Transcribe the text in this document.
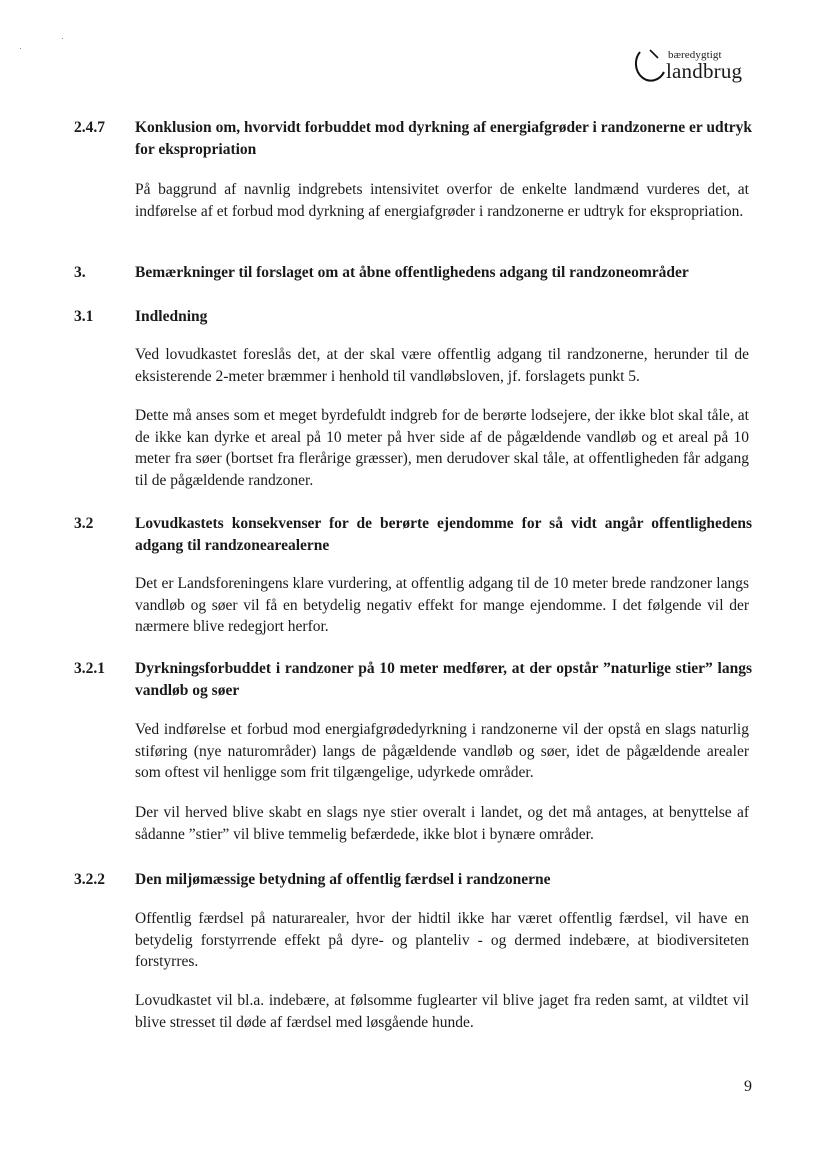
bæredygtigt
landbrug
2.4.7 Konklusion om, hvorvidt forbuddet mod dyrkning af energiafgrøder i randzonerne er udtryk for ekspropriation
På baggrund af navnlig indgrebets intensivitet overfor de enkelte landmænd vurderes det, at indførelse af et forbud mod dyrkning af energiafgrøder i randzonerne er udtryk for ekspropriation.
3.	Bemærkninger til forslaget om at åbne offentlighedens adgang til randzoneområder
3.1	Indledning
Ved lovudkastet foreslås det, at der skal være offentlig adgang til randzonerne, herunder til de eksisterende 2-meter bræmmer i henhold til vandløbsloven, jf. forslagets punkt 5.
Dette må anses som et meget byrdefuldt indgreb for de berørte lodsejere, der ikke blot skal tåle, at de ikke kan dyrke et areal på 10 meter på hver side af de pågældende vandløb og et areal på 10 meter fra søer (bortset fra flerårige græsser), men derudover skal tåle, at offentligheden får adgang til de pågældende randzoner.
3.2	Lovudkastets konsekvenser for de berørte ejendomme for så vidt angår offentlighedens adgang til randzonearealerne
Det er Landsforeningens klare vurdering, at offentlig adgang til de 10 meter brede randzoner langs vandløb og søer vil få en betydelig negativ effekt for mange ejendomme. I det følgende vil der nærmere blive redegjort herfor.
3.2.1 Dyrkningsforbuddet i randzoner på 10 meter medfører, at der opstår ”naturlige stier” langs vandløb og søer
Ved indførelse et forbud mod energiafgrødedyrkning i randzonerne vil der opstå en slags naturlig stiføring (nye naturområder) langs de pågældende vandløb og søer, idet de pågældende arealer som oftest vil henligge som frit tilgængelige, udyrkede områder.
Der vil herved blive skabt en slags nye stier overalt i landet, og det må antages, at benyttelse af sådanne ”stier” vil blive temmelig befærdede, ikke blot i bynære områder.
3.2.2 Den miljømæssige betydning af offentlig færdsel i randzonerne
Offentlig færdsel på naturarealer, hvor der hidtil ikke har været offentlig færdsel, vil have en betydelig forstyrrende effekt på dyre- og planteliv - og dermed indebære, at biodiversiteten forstyrres.
Lovudkastet vil bl.a. indebære, at følsomme fuglearter vil blive jaget fra reden samt, at vildtet vil blive stresset til døde af færdsel med løsgående hunde.
9
